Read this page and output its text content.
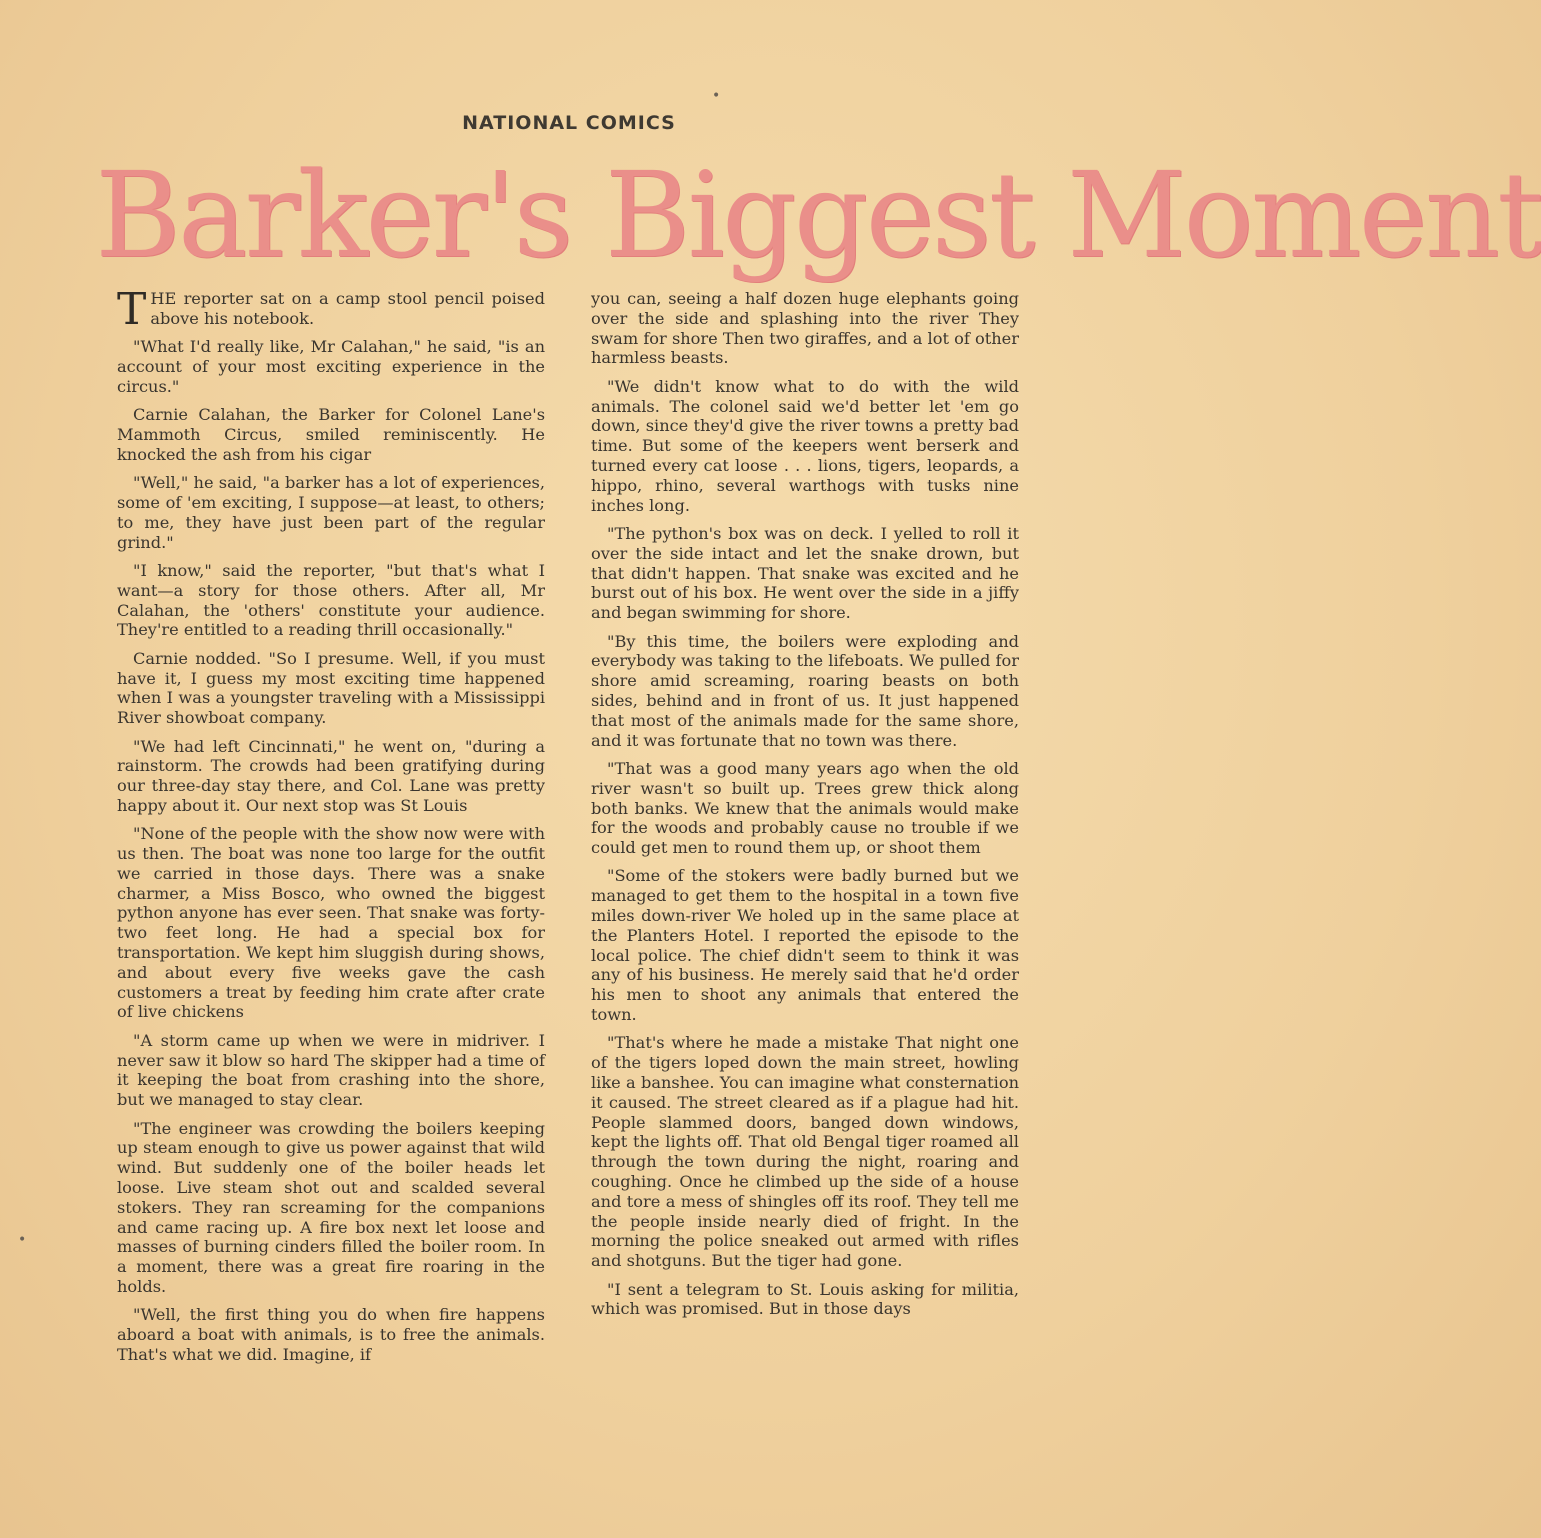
NATIONAL COMICS
Barker's Biggest Moment

THE reporter sat on a camp stool pencil poised above his notebook.

"What I'd really like, Mr Calahan," he said, "is an account of your most exciting experience in the circus."

Carnie Calahan, the Barker for Colonel Lane's Mammoth Circus, smiled reminiscently. He knocked the ash from his cigar

"Well," he said, "a barker has a lot of experiences, some of 'em exciting, I suppose—at least, to others; to me, they have just been part of the regular grind."

"I know," said the reporter, "but that's what I want—a story for those others. After all, Mr Calahan, the 'others' constitute your audience. They're entitled to a reading thrill occasionally."

Carnie nodded. "So I presume. Well, if you must have it, I guess my most exciting time happened when I was a youngster traveling with a Mississippi River showboat company.

"We had left Cincinnati," he went on, "during a rainstorm. The crowds had been gratifying during our three-day stay there, and Col. Lane was pretty happy about it. Our next stop was St Louis

"None of the people with the show now were with us then. The boat was none too large for the outfit we carried in those days. There was a snake charmer, a Miss Bosco, who owned the biggest python anyone has ever seen. That snake was forty-two feet long. He had a special box for transportation. We kept him sluggish during shows, and about every five weeks gave the cash customers a treat by feeding him crate after crate of live chickens

"A storm came up when we were in midriver. I never saw it blow so hard The skipper had a time of it keeping the boat from crashing into the shore, but we managed to stay clear.

"The engineer was crowding the boilers keeping up steam enough to give us power against that wild wind. But suddenly one of the boiler heads let loose. Live steam shot out and scalded several stokers. They ran screaming for the companions and came racing up. A fire box next let loose and masses of burning cinders filled the boiler room. In a moment, there was a great fire roaring in the holds.

"Well, the first thing you do when fire happens aboard a boat with animals, is to free the animals. That's what we did. Imagine, if

you can, seeing a half dozen huge elephants going over the side and splashing into the river They swam for shore Then two giraffes, and a lot of other harmless beasts.

"We didn't know what to do with the wild animals. The colonel said we'd better let 'em go down, since they'd give the river towns a pretty bad time. But some of the keepers went berserk and turned every cat loose . . . lions, tigers, leopards, a hippo, rhino, several warthogs with tusks nine inches long.

"The python's box was on deck. I yelled to roll it over the side intact and let the snake drown, but that didn't happen. That snake was excited and he burst out of his box. He went over the side in a jiffy and began swimming for shore.

"By this time, the boilers were exploding and everybody was taking to the lifeboats. We pulled for shore amid screaming, roaring beasts on both sides, behind and in front of us. It just happened that most of the animals made for the same shore, and it was fortunate that no town was there.

"That was a good many years ago when the old river wasn't so built up. Trees grew thick along both banks. We knew that the animals would make for the woods and probably cause no trouble if we could get men to round them up, or shoot them

"Some of the stokers were badly burned but we managed to get them to the hospital in a town five miles down-river We holed up in the same place at the Planters Hotel. I reported the episode to the local police. The chief didn't seem to think it was any of his business. He merely said that he'd order his men to shoot any animals that entered the town.

"That's where he made a mistake That night one of the tigers loped down the main street, howling like a banshee. You can imagine what consternation it caused. The street cleared as if a plague had hit. People slammed doors, banged down windows, kept the lights off. That old Bengal tiger roamed all through the town during the night, roaring and coughing. Once he climbed up the side of a house and tore a mess of shingles off its roof. They tell me the people inside nearly died of fright. In the morning the police sneaked out armed with rifles and shotguns. But the tiger had gone.

"I sent a telegram to St. Louis asking for militia, which was promised. But in those days

•
•
